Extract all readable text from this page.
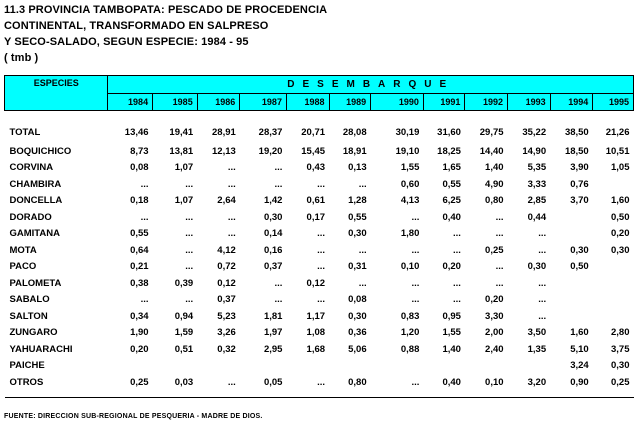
11.3 PROVINCIA TAMBOPATA: PESCADO DE PROCEDENCIA
CONTINENTAL, TRANSFORMADO EN SALPRESO
Y SECO-SALADO, SEGUN ESPECIE: 1984 - 95
( tmb )
ESPECIES	DESEMBARQUE											
	1984	1985	1986	1987	1988	1989	1990	1991	1992	1993	1994	1995

TOTAL	13,46	19,41	28,91	28,37	20,71	28,08	30,19	31,60	29,75	35,22	38,50	21,26
BOQUICHICO	8,73	13,81	12,13	19,20	15,45	18,91	19,10	18,25	14,40	14,90	18,50	10,51
CORVINA	0,08	1,07	...	...	0,43	0,13	1,55	1,65	1,40	5,35	3,90	1,05
CHAMBIRA	...	...	...	...	...	...	0,60	0,55	4,90	3,33	0,76	
DONCELLA	0,18	1,07	2,64	1,42	0,61	1,28	4,13	6,25	0,80	2,85	3,70	1,60
DORADO	...	...	...	0,30	0,17	0,55	...	0,40	...	0,44		0,50
GAMITANA	0,55	...	...	0,14	...	0,30	1,80	...	...	...		0,20
MOTA	0,64	...	4,12	0,16	...	...	...	...	0,25	...	0,30	0,30
PACO	0,21	...	0,72	0,37	...	0,31	0,10	0,20	...	0,30	0,50	
PALOMETA	0,38	0,39	0,12	...	0,12	...	...	...	...	...		
SABALO	...	...	0,37	...	...	0,08	...	...	0,20	...		
SALTON	0,34	0,94	5,23	1,81	1,17	0,30	0,83	0,95	3,30	...		
ZUNGARO	1,90	1,59	3,26	1,97	1,08	0,36	1,20	1,55	2,00	3,50	1,60	2,80
YAHUARACHI	0,20	0,51	0,32	2,95	1,68	5,06	0,88	1,40	2,40	1,35	5,10	3,75
PAICHE											3,24	0,30
OTROS	0,25	0,03	...	0,05	...	0,80	...	0,40	0,10	3,20	0,90	0,25

FUENTE: DIRECCION SUB-REGIONAL DE PESQUERIA - MADRE DE DIOS.
